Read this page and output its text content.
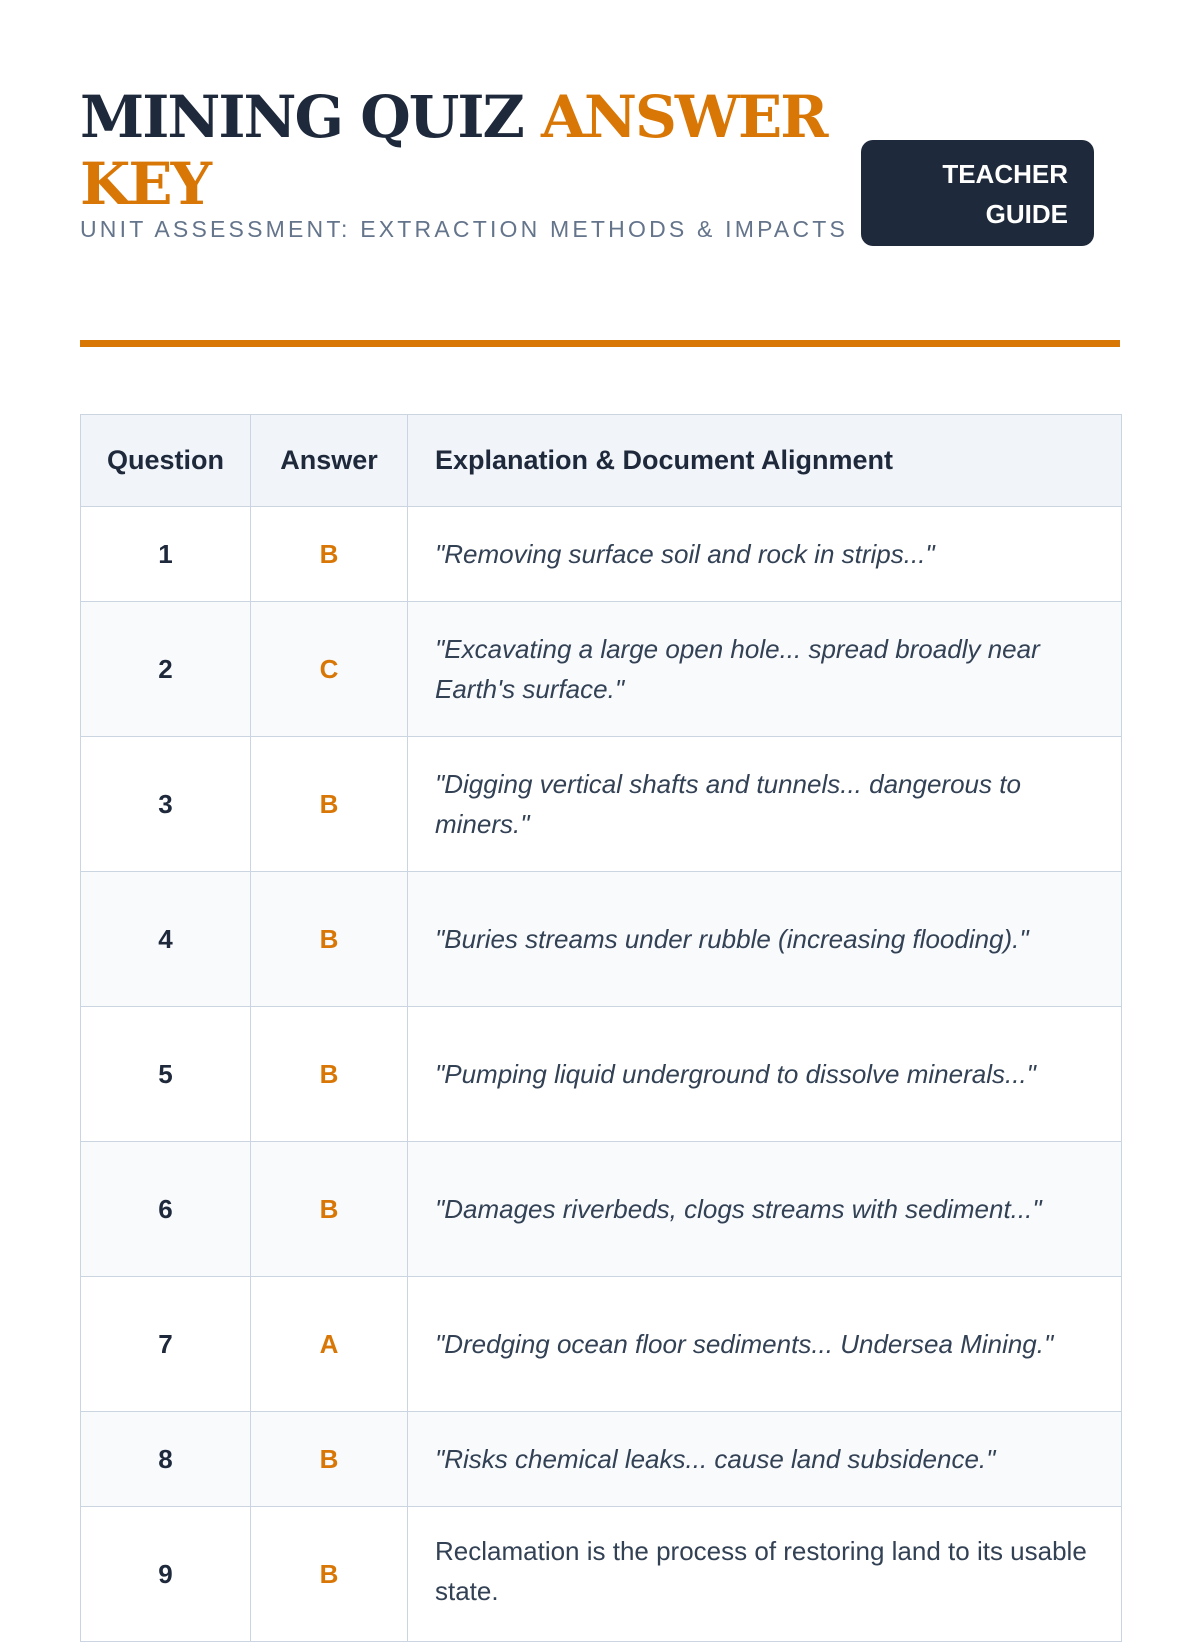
MINING QUIZ ANSWER KEY
UNIT ASSESSMENT: EXTRACTION METHODS & IMPACTS
TEACHER GUIDE
Question	Answer	Explanation & Document Alignment
1	B	"Removing surface soil and rock in strips..."
2	C	"Excavating a large open hole... spread broadly near Earth's surface."
3	B	"Digging vertical shafts and tunnels... dangerous to miners."
4	B	"Buries streams under rubble (increasing flooding)."
5	B	"Pumping liquid underground to dissolve minerals..."
6	B	"Damages riverbeds, clogs streams with sediment..."
7	A	"Dredging ocean floor sediments... Undersea Mining."
8	B	"Risks chemical leaks... cause land subsidence."
9	B	Reclamation is the process of restoring land to its usable state.
